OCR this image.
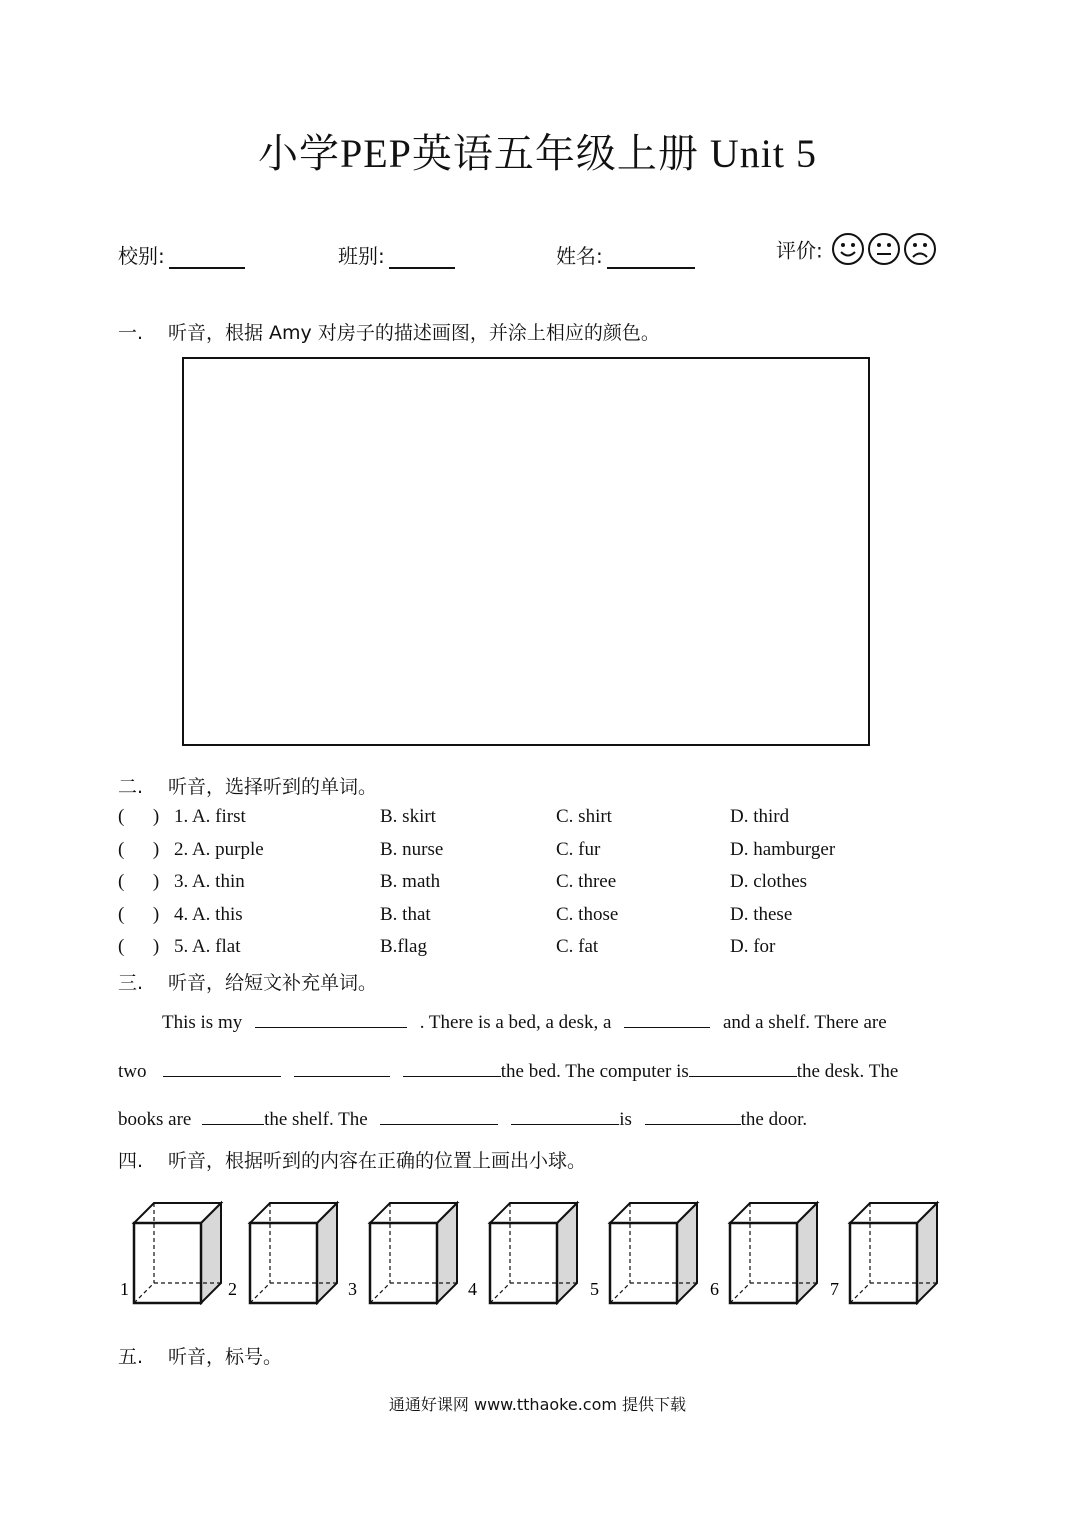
小学PEP英语五年级上册 Unit 5
校别:	班别:	姓名:	评价:
一. 听音，根据 Amy 对房子的描述画图，并涂上相应的颜色。
二. 听音，选择听到的单词。
(      ) 1. A. first	B. skirt	C. shirt	D. third
(      ) 2. A. purple	B. nurse	C. fur	D. hamburger
(      ) 3. A. thin	B. math	C. three	D. clothes
(      ) 4. A. this	B. that	C. those	D. these
(      ) 5. A. flat	B.flag	C. fat	D. for
三. 听音，给短文补充单词。
This is my	. There is a bed, a desk, a	and a shelf. There are
two	the bed. The computer is	the desk. The
books are	the shelf. The	is	the door.
四. 听音，根据听到的内容在正确的位置上画出小球。
1	2	3	4	5	6	7
五. 听音，标号。
通通好课网 www.tthaoke.com 提供下载
